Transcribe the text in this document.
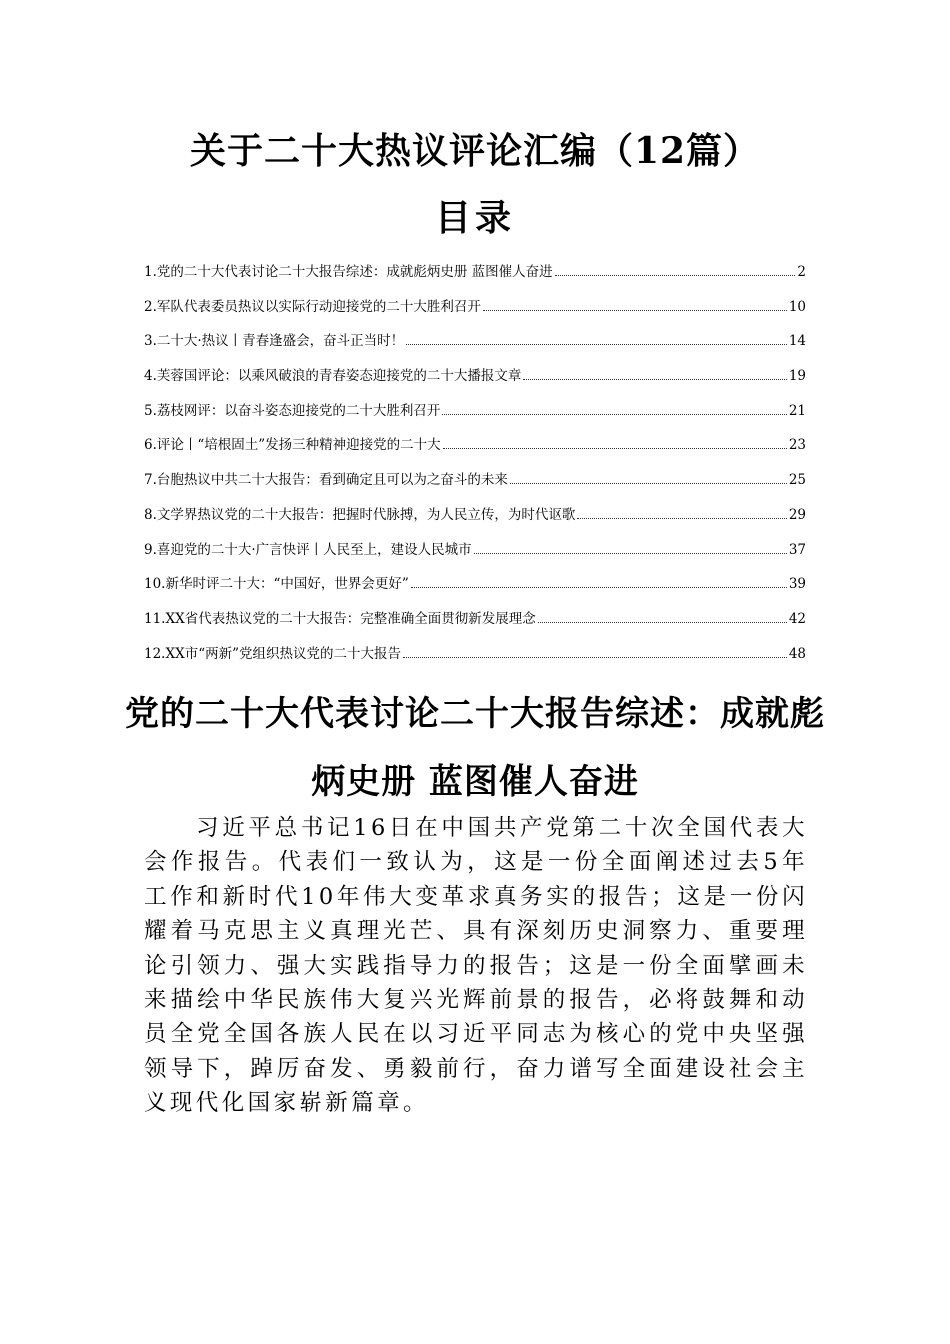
关于二十大热议评论汇编（12篇）
目录
1.党的二十大代表讨论二十大报告综述：成就彪炳史册 蓝图催人奋进	2
2.军队代表委员热议以实际行动迎接党的二十大胜利召开	10
3.二十大·热议丨青春逢盛会，奋斗正当时！	14
4.芙蓉国评论：以乘风破浪的青春姿态迎接党的二十大播报文章	19
5.荔枝网评：以奋斗姿态迎接党的二十大胜利召开	21
6.评论丨“培根固土”发扬三种精神迎接党的二十大	23
7.台胞热议中共二十大报告：看到确定且可以为之奋斗的未来	25
8.文学界热议党的二十大报告：把握时代脉搏，为人民立传，为时代讴歌	29
9.喜迎党的二十大·广言快评丨人民至上，建设人民城市	37
10.新华时评二十大：“中国好，世界会更好”	39
11.XX省代表热议党的二十大报告：完整准确全面贯彻新发展理念	42
12.XX市“两新”党组织热议党的二十大报告	48
党的二十大代表讨论二十大报告综述：成就彪炳史册 蓝图催人奋进

习近平总书记16日在中国共产党第二十次全国代表大会作报告。代表们一致认为，这是一份全面阐述过去5年工作和新时代10年伟大变革求真务实的报告；这是一份闪耀着马克思主义真理光芒、具有深刻历史洞察力、重要理论引领力、强大实践指导力的报告；这是一份全面擘画未来描绘中华民族伟大复兴光辉前景的报告，必将鼓舞和动员全党全国各族人民在以习近平同志为核心的党中央坚强领导下，踔厉奋发、勇毅前行，奋力谱写全面建设社会主义现代化国家崭新篇章。
